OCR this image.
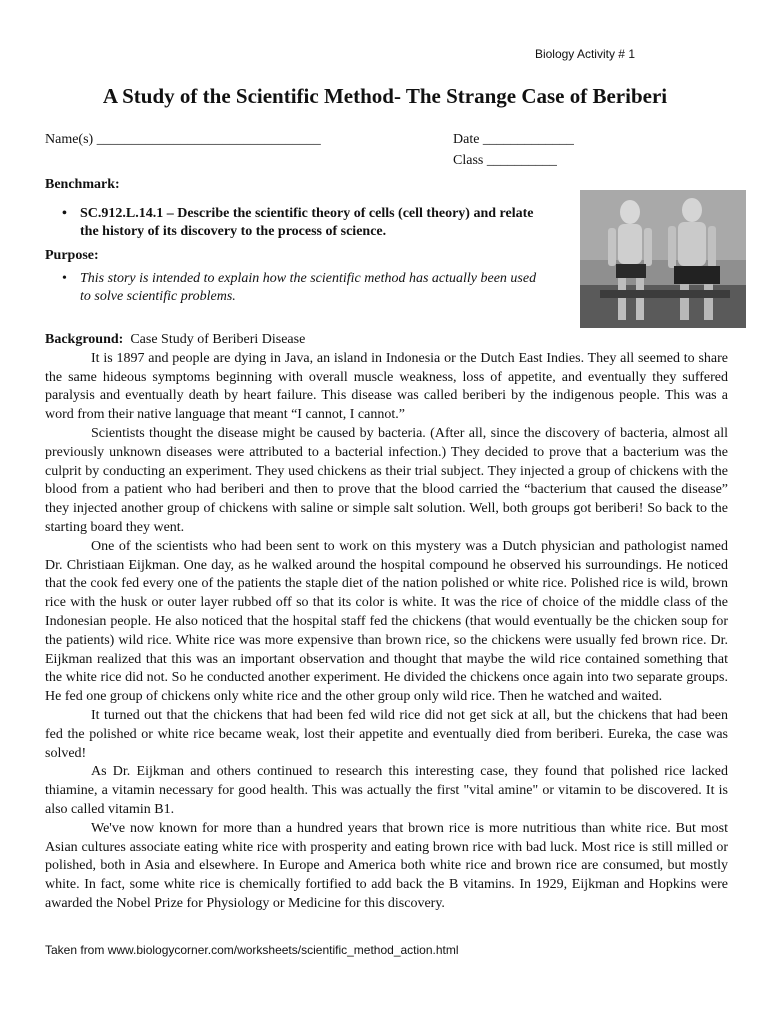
Biology Activity # 1
A Study of the Scientific Method- The Strange Case of Beriberi
Name(s) ________________________________	Date _____________
Class __________
Benchmark:
• SC.912.L.14.1 – Describe the scientific theory of cells (cell theory) and relate the history of its discovery to the process of science.
Purpose:
• This story is intended to explain how the scientific method has actually been used to solve scientific problems.

Background: Case Study of Beriberi Disease

It is 1897 and people are dying in Java, an island in Indonesia or the Dutch East Indies. They all seemed to share the same hideous symptoms beginning with overall muscle weakness, loss of appetite, and eventually they suffered paralysis and eventually death by heart failure. This disease was called beriberi by the indigenous people. This was a word from their native language that meant “I cannot, I cannot.”

Scientists thought the disease might be caused by bacteria. (After all, since the discovery of bacteria, almost all previously unknown diseases were attributed to a bacterial infection.) They decided to prove that a bacterium was the culprit by conducting an experiment. They used chickens as their trial subject. They injected a group of chickens with the blood from a patient who had beriberi and then to prove that the blood carried the “bacterium that caused the disease” they injected another group of chickens with saline or simple salt solution. Well, both groups got beriberi! So back to the starting board they went.

One of the scientists who had been sent to work on this mystery was a Dutch physician and pathologist named Dr. Christiaan Eijkman. One day, as he walked around the hospital compound he observed his surroundings. He noticed that the cook fed every one of the patients the staple diet of the nation polished or white rice. Polished rice is wild, brown rice with the husk or outer layer rubbed off so that its color is white. It was the rice of choice of the middle class of the Indonesian people. He also noticed that the hospital staff fed the chickens (that would eventually be the chicken soup for the patients) wild rice. White rice was more expensive than brown rice, so the chickens were usually fed brown rice. Dr. Eijkman realized that this was an important observation and thought that maybe the wild rice contained something that the white rice did not. So he conducted another experiment. He divided the chickens once again into two separate groups. He fed one group of chickens only white rice and the other group only wild rice. Then he watched and waited.

It turned out that the chickens that had been fed wild rice did not get sick at all, but the chickens that had been fed the polished or white rice became weak, lost their appetite and eventually died from beriberi. Eureka, the case was solved!

As Dr. Eijkman and others continued to research this interesting case, they found that polished rice lacked thiamine, a vitamin necessary for good health. This was actually the first "vital amine" or vitamin to be discovered. It is also called vitamin B1.

We've now known for more than a hundred years that brown rice is more nutritious than white rice. But most Asian cultures associate eating white rice with prosperity and eating brown rice with bad luck. Most rice is still milled or polished, both in Asia and elsewhere. In Europe and America both white rice and brown rice are consumed, but mostly white. In fact, some white rice is chemically fortified to add back the B vitamins. In 1929, Eijkman and Hopkins were awarded the Nobel Prize for Physiology or Medicine for this discovery.

Taken from www.biologycorner.com/worksheets/scientific_method_action.html
